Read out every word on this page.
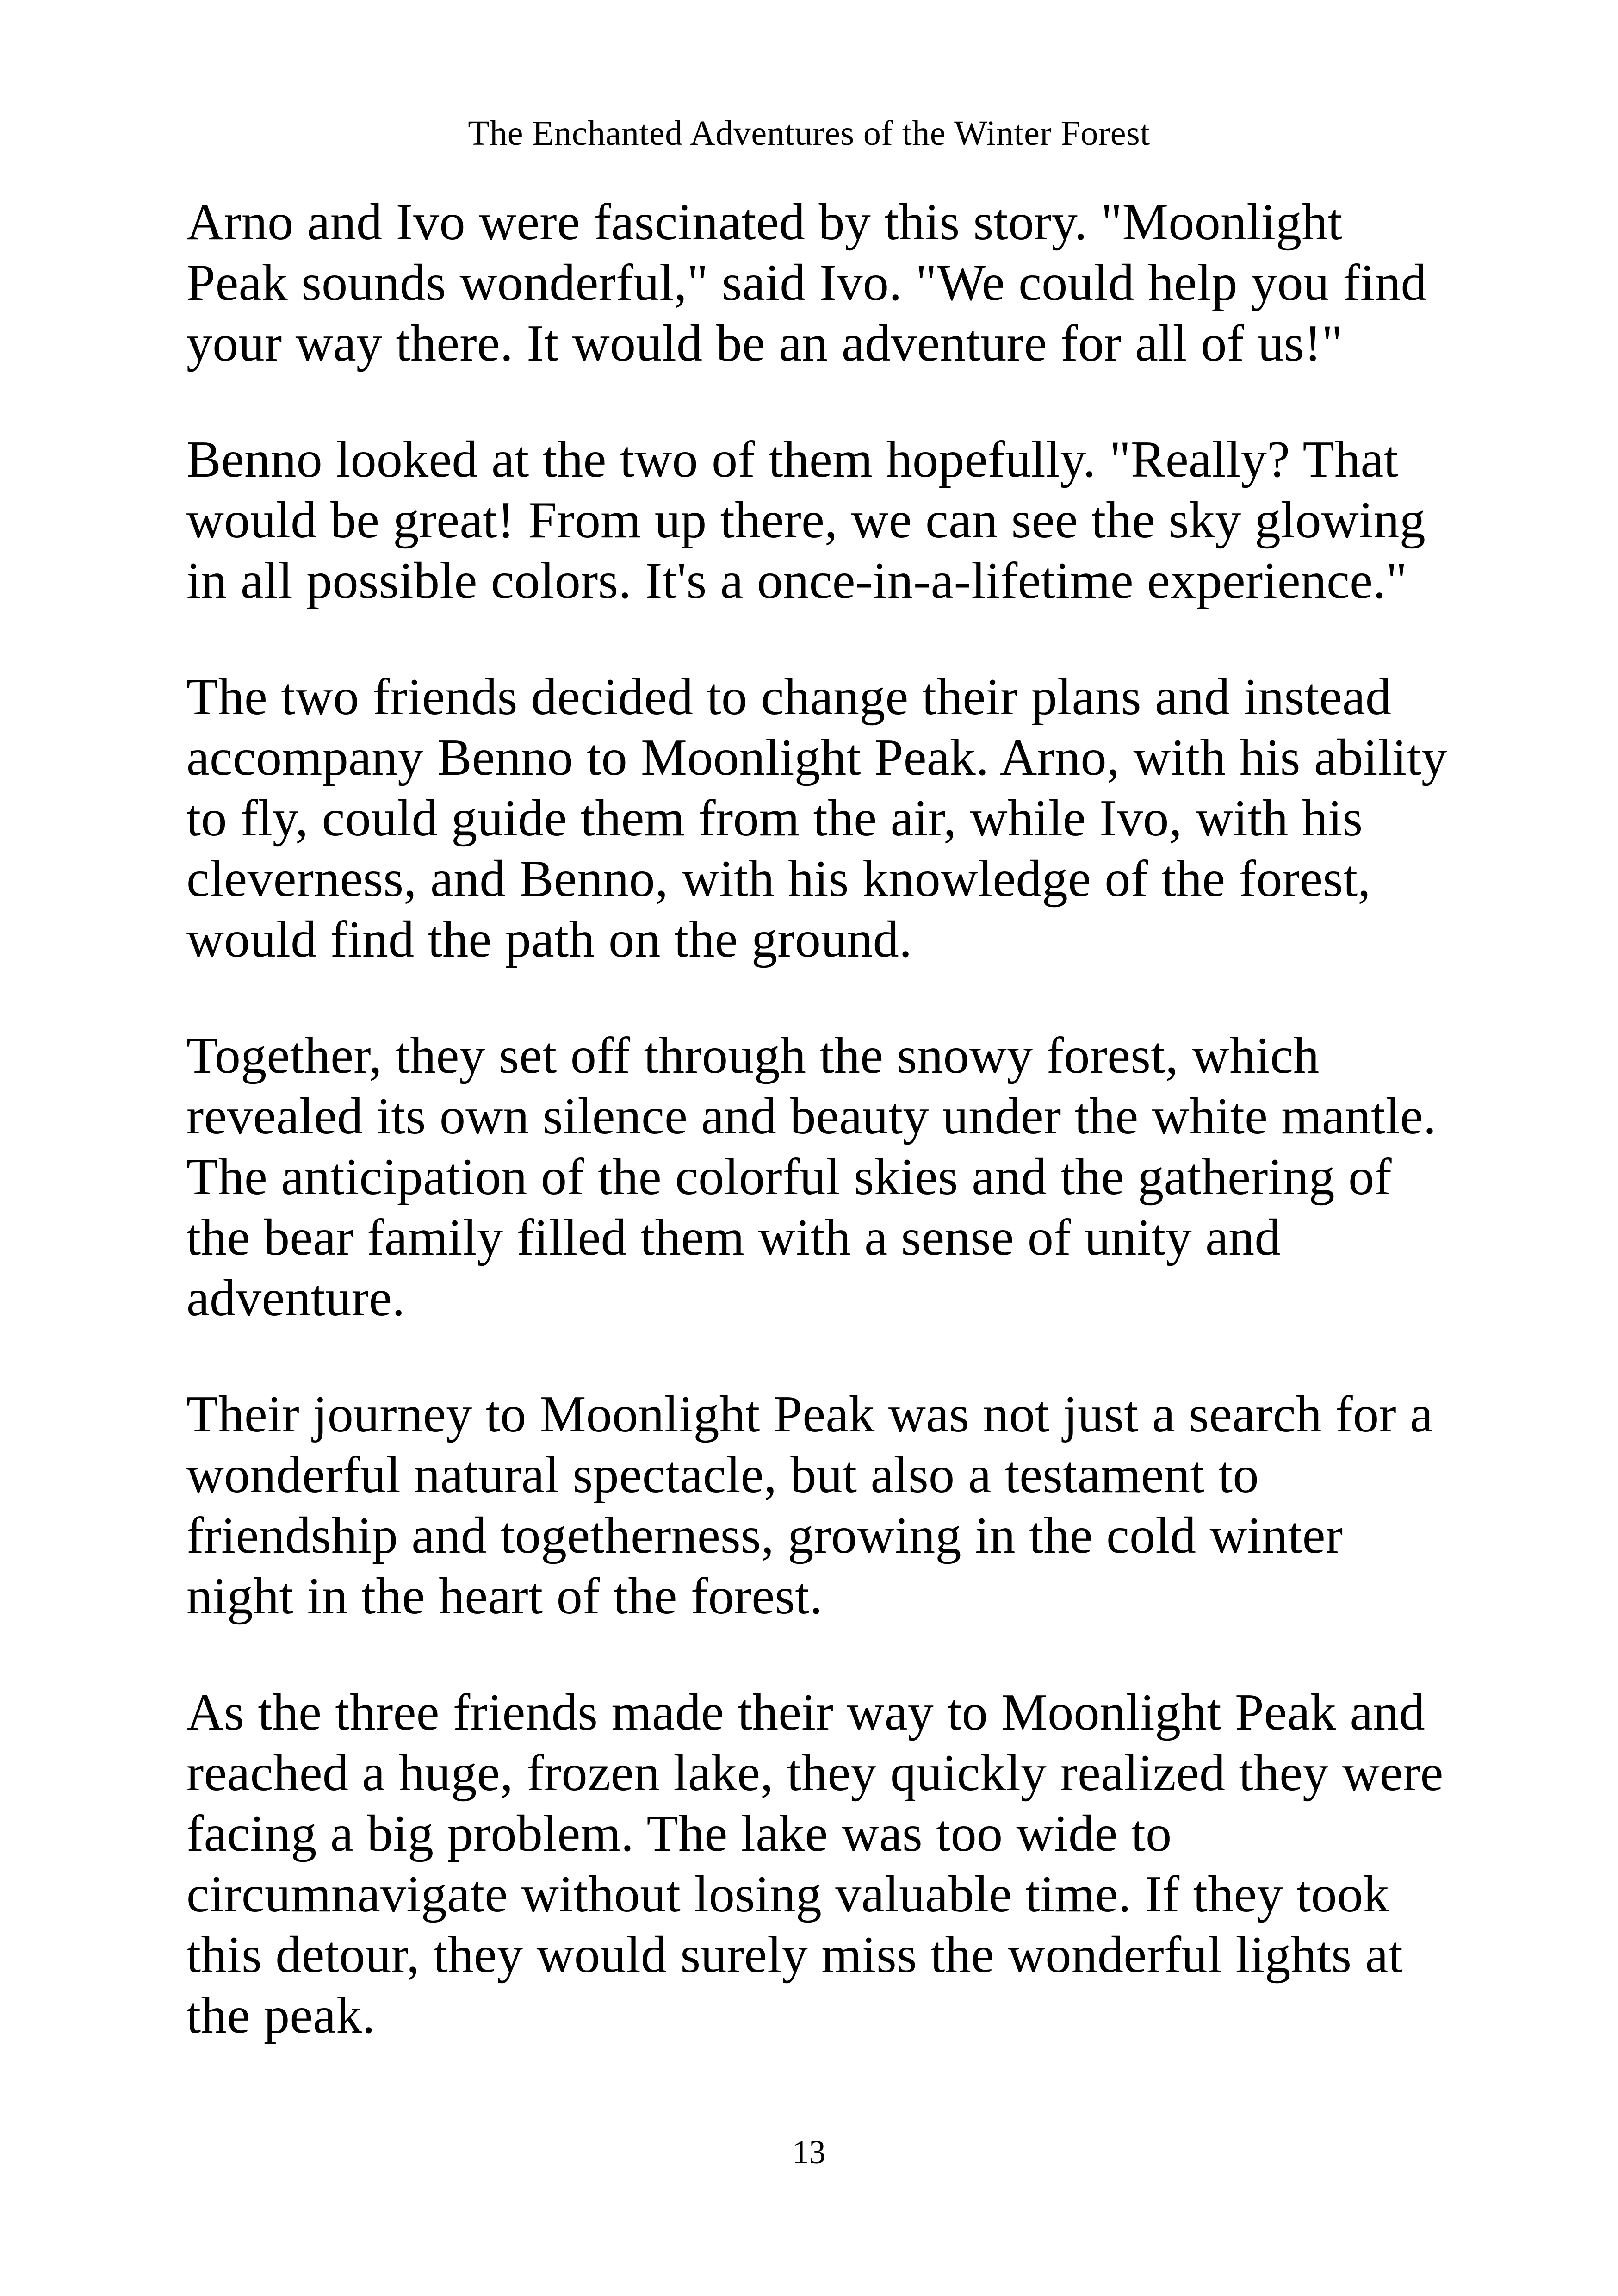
The Enchanted Adventures of the Winter Forest

Arno and Ivo were fascinated by this story. "Moonlight
Peak sounds wonderful," said Ivo. "We could help you find
your way there. It would be an adventure for all of us!"

Benno looked at the two of them hopefully. "Really? That
would be great! From up there, we can see the sky glowing
in all possible colors. It's a once-in-a-lifetime experience."

The two friends decided to change their plans and instead
accompany Benno to Moonlight Peak. Arno, with his ability
to fly, could guide them from the air, while Ivo, with his
cleverness, and Benno, with his knowledge of the forest,
would find the path on the ground.

Together, they set off through the snowy forest, which
revealed its own silence and beauty under the white mantle.
The anticipation of the colorful skies and the gathering of
the bear family filled them with a sense of unity and
adventure.

Their journey to Moonlight Peak was not just a search for a
wonderful natural spectacle, but also a testament to
friendship and togetherness, growing in the cold winter
night in the heart of the forest.

As the three friends made their way to Moonlight Peak and
reached a huge, frozen lake, they quickly realized they were
facing a big problem. The lake was too wide to
circumnavigate without losing valuable time. If they took
this detour, they would surely miss the wonderful lights at
the peak.

13
